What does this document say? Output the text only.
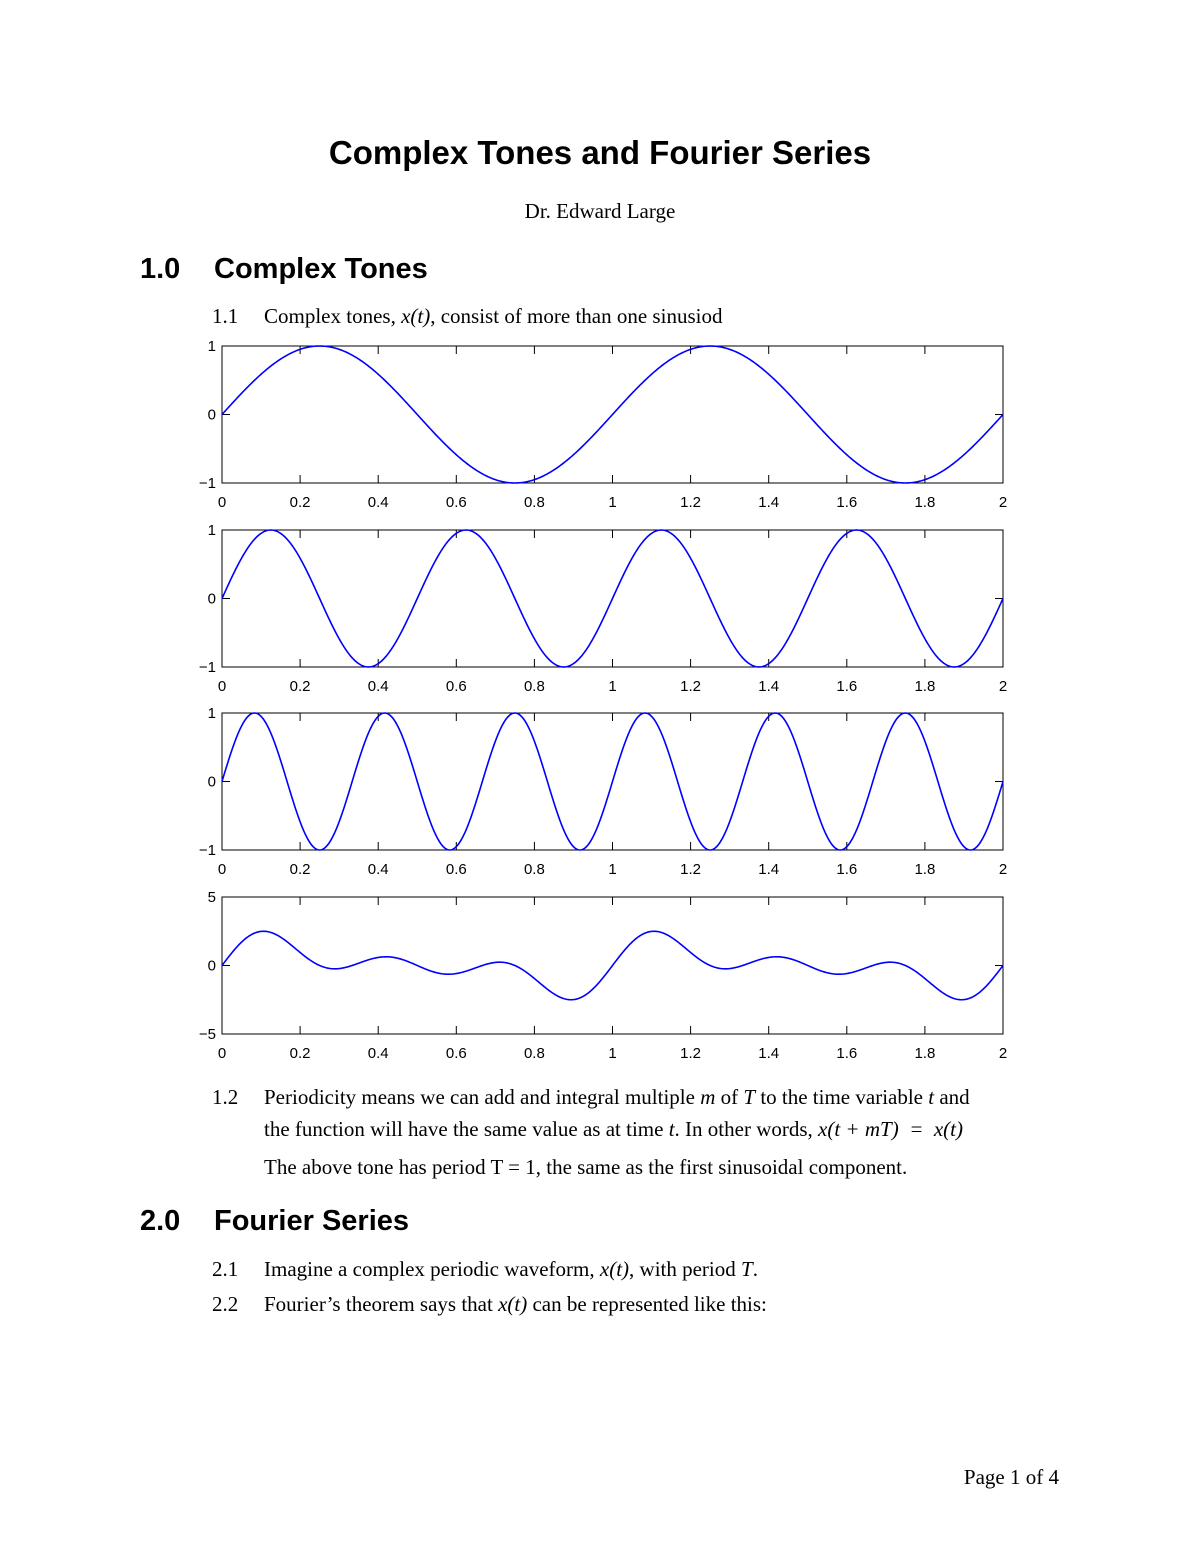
Complex Tones and Fourier Series
Dr. Edward Large
1.0 Complex Tones
1.1 Complex tones, x(t), consist of more than one sinusiod
0	0.2	0.4	0.6	0.8	1	1.2	1.4	1.6	1.8	2
1
0
−1
0	0.2	0.4	0.6	0.8	1	1.2	1.4	1.6	1.8	2
1
0
−1
0	0.2	0.4	0.6	0.8	1	1.2	1.4	1.6	1.8	2
1
0
−1
0	0.2	0.4	0.6	0.8	1	1.2	1.4	1.6	1.8	2
5
0
−5
1.2 Periodicity means we can add and integral multiple m of T to the time variable t and
the function will have the same value as at time t. In other words, x(t + mT)  =  x(t)
The above tone has period T = 1, the same as the first sinusoidal component.
2.0 Fourier Series
2.1 Imagine a complex periodic waveform, x(t), with period T.
2.2 Fourier’s theorem says that x(t) can be represented like this:
Page 1 of 4
